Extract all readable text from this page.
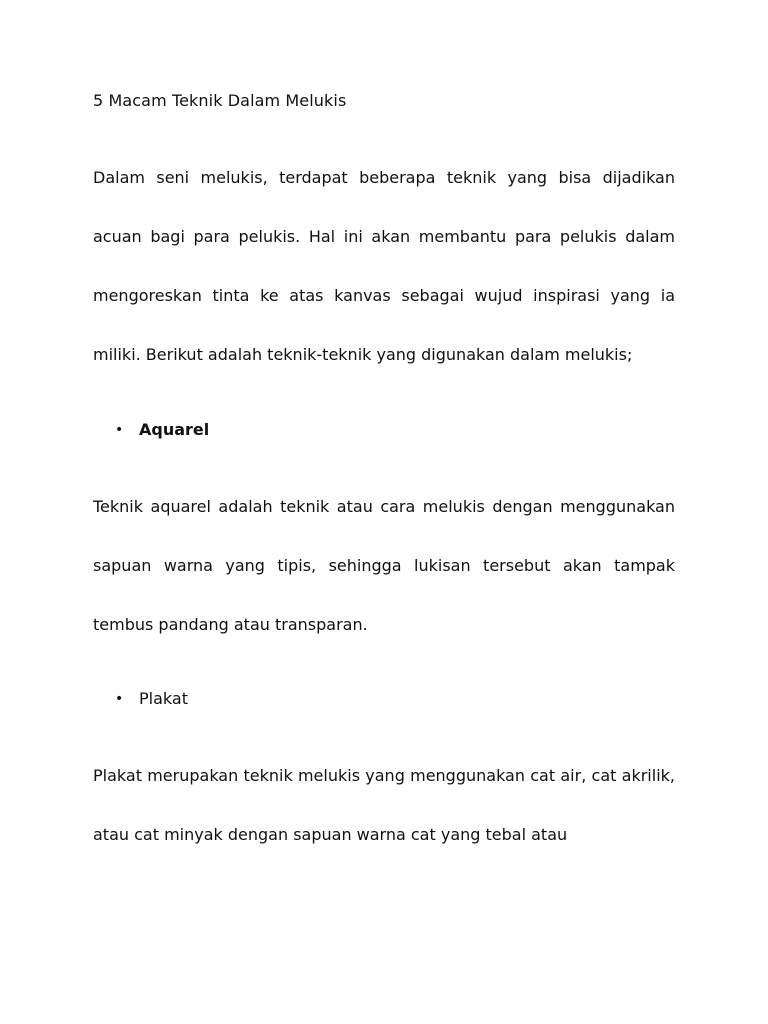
5 Macam Teknik Dalam Melukis

Dalam seni melukis, terdapat beberapa teknik yang bisa dijadikan acuan bagi para pelukis. Hal ini akan membantu para pelukis dalam mengoreskan tinta ke atas kanvas sebagai wujud inspirasi yang ia miliki. Berikut adalah teknik-teknik yang digunakan dalam melukis;

• Aquarel

Teknik aquarel adalah teknik atau cara melukis dengan menggunakan sapuan warna yang tipis, sehingga lukisan tersebut akan tampak tembus pandang atau transparan.

• Plakat

Plakat merupakan teknik melukis yang menggunakan cat air, cat akrilik, atau cat minyak dengan sapuan warna cat yang tebal atau
